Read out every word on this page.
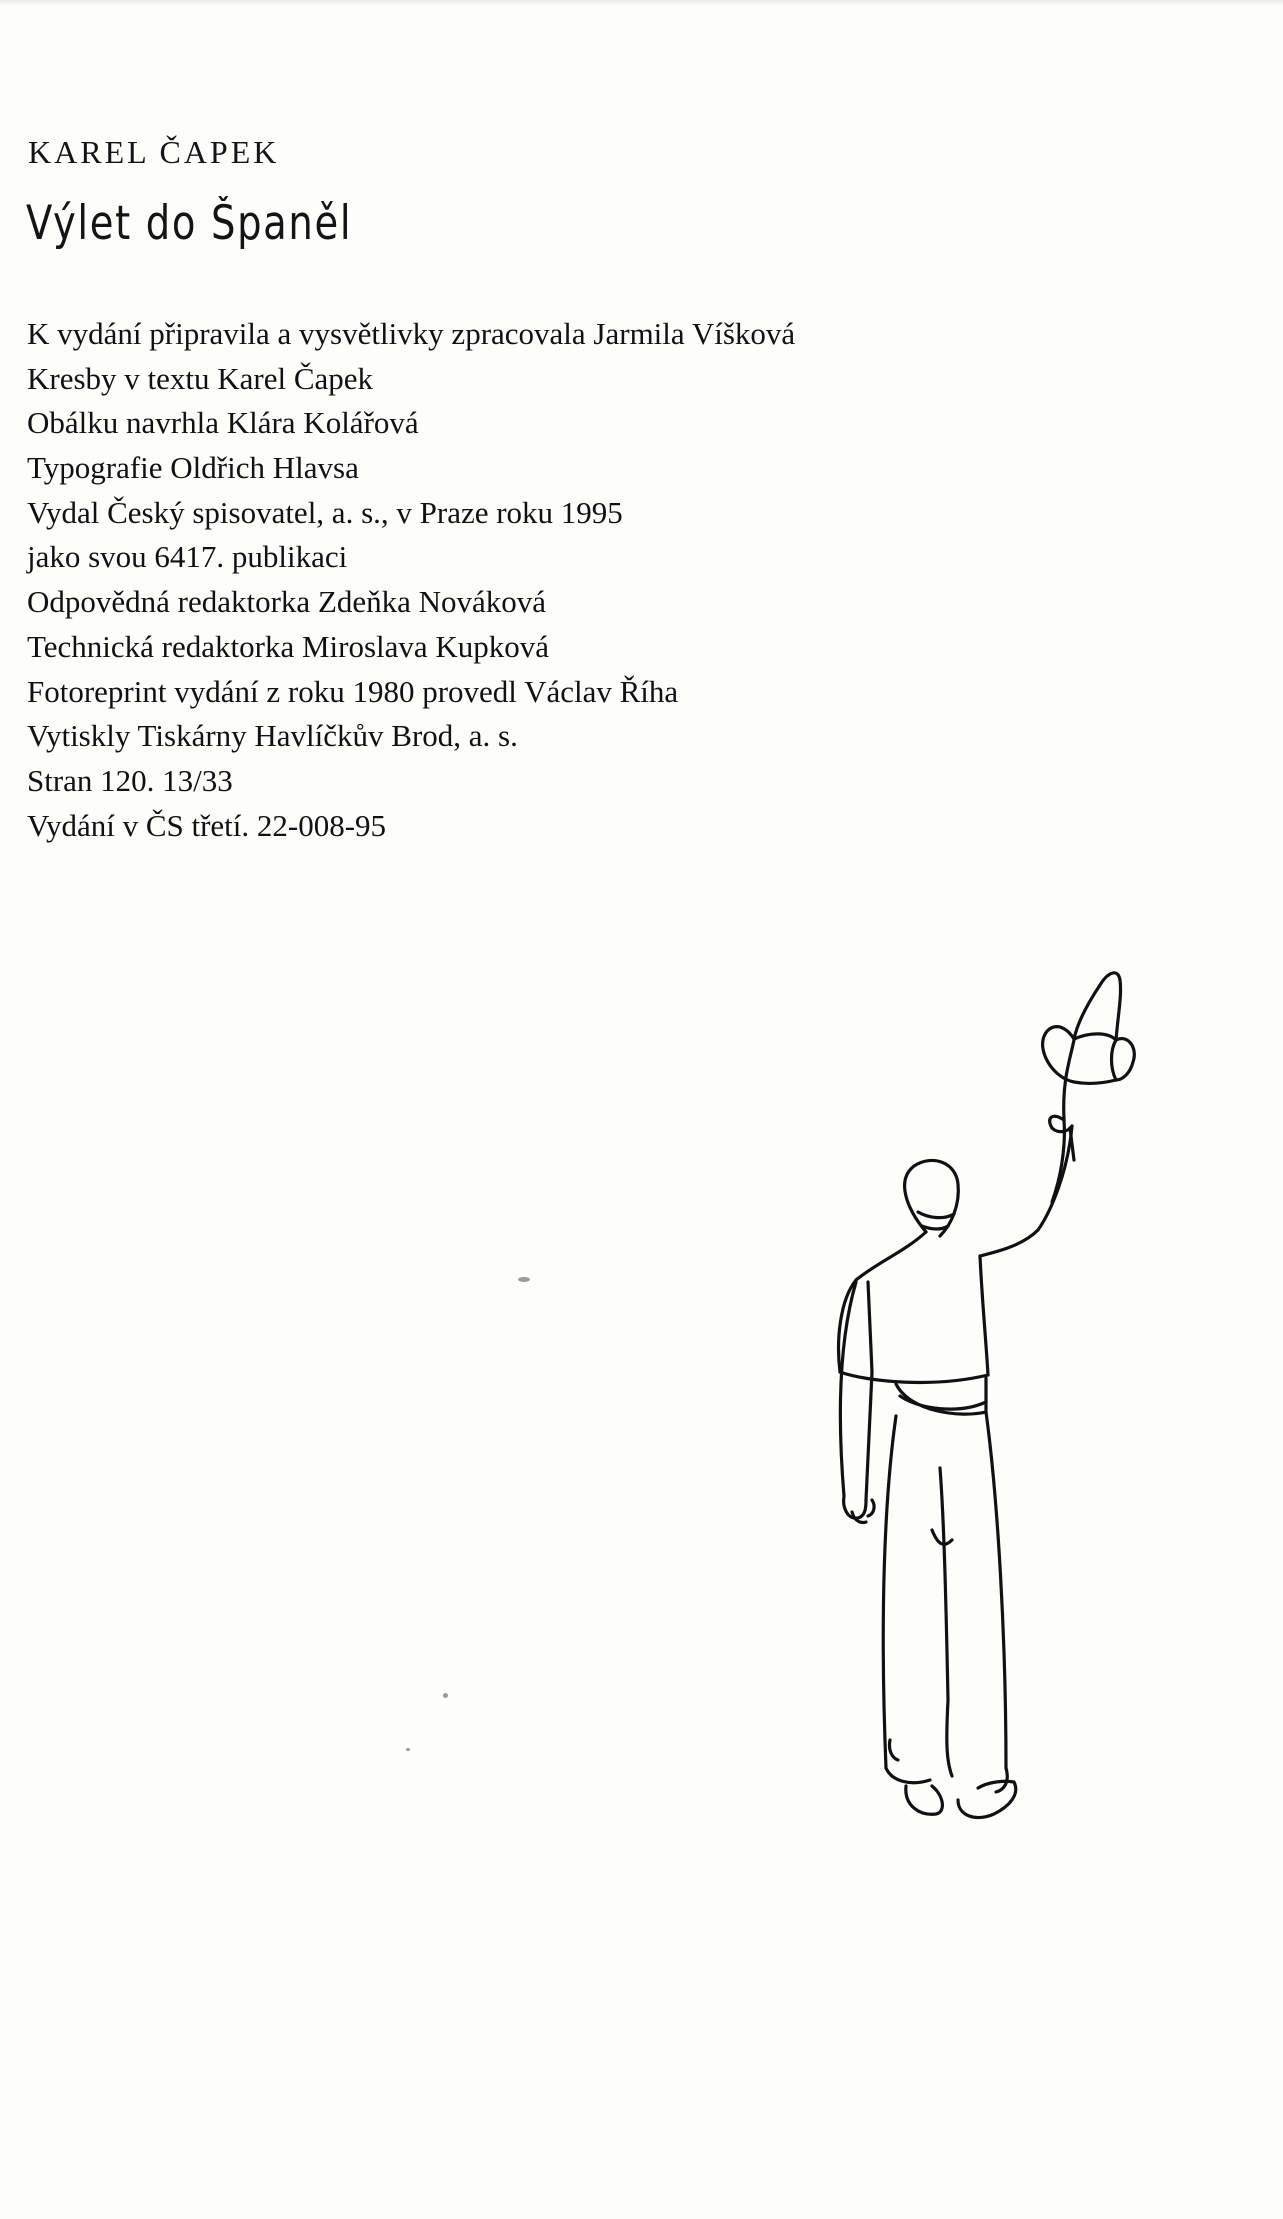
KAREL ČAPEK
Výlet do Španěl
K vydání připravila a vysvětlivky zpracovala Jarmila Víšková
Kresby v textu Karel Čapek
Obálku navrhla Klára Kolářová
Typografie Oldřich Hlavsa
Vydal Český spisovatel, a. s., v Praze roku 1995
jako svou 6417. publikaci
Odpovědná redaktorka Zdeňka Nováková
Technická redaktorka Miroslava Kupková
Fotoreprint vydání z roku 1980 provedl Václav Říha
Vytiskly Tiskárny Havlíčkův Brod, a. s.
Stran 120. 13/33
Vydání v ČS třetí. 22-008-95
